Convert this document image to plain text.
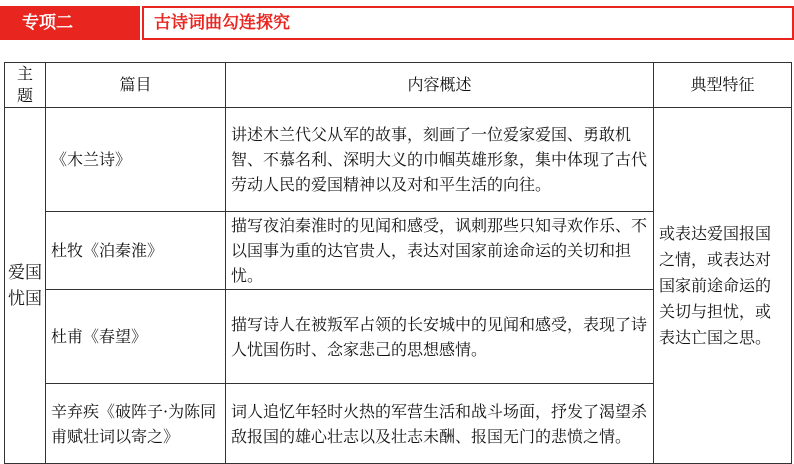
专项二	古诗词曲勾连探究
主题	篇目	内容概述	典型特征
爱国忧国	《木兰诗》	讲述木兰代父从军的故事，刻画了一位爱家爱国、勇敢机智、不慕名利、深明大义的巾帼英雄形象，集中体现了古代劳动人民的爱国精神以及对和平生活的向往。	或表达爱国报国之情，或表达对国家前途命运的关切与担忧，或表达亡国之思。
	杜牧《泊秦淮》	描写夜泊秦淮时的见闻和感受，讽刺那些只知寻欢作乐、不以国事为重的达官贵人，表达对国家前途命运的关切和担忧。	
	杜甫《春望》	描写诗人在被叛军占领的长安城中的见闻和感受，表现了诗人忧国伤时、念家悲己的思想感情。	
	辛弃疾《破阵子·为陈同甫赋壮词以寄之》	词人追忆年轻时火热的军营生活和战斗场面，抒发了渴望杀敌报国的雄心壮志以及壮志未酬、报国无门的悲愤之情。	
